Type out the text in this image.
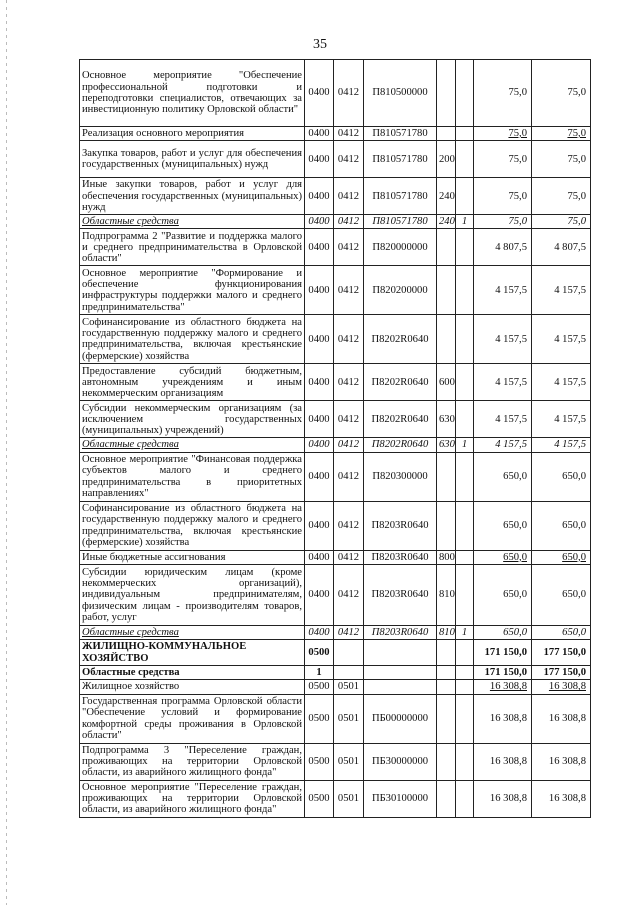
35
Основное мероприятие "Обеспечение профессиональной подготовки и переподготовки специалистов, отвечающих за инвестиционную политику Орловской области"	0400	0412	П810500000			75,0	75,0
Реализация основного мероприятия	0400	0412	П810571780			75,0	75,0
Закупка товаров, работ и услуг для обеспечения государственных (муниципальных) нужд	0400	0412	П810571780	200		75,0	75,0
Иные закупки товаров, работ и услуг для обеспечения государственных (муниципальных) нужд	0400	0412	П810571780	240		75,0	75,0
Областные средства	0400	0412	П810571780	240	1	75,0	75,0
Подпрограмма 2 "Развитие и поддержка малого и среднего предпринимательства в Орловской области"	0400	0412	П820000000			4 807,5	4 807,5
Основное мероприятие "Формирование и обеспечение функционирования инфраструктуры поддержки малого и среднего предпринимательства"	0400	0412	П820200000			4 157,5	4 157,5
Софинансирование из областного бюджета на государственную поддержку малого и среднего предпринимательства, включая крестьянские (фермерские) хозяйства	0400	0412	П8202R0640			4 157,5	4 157,5
Предоставление субсидий бюджетным, автономным учреждениям и иным некоммерческим организациям	0400	0412	П8202R0640	600		4 157,5	4 157,5
Субсидии некоммерческим организациям (за исключением государственных (муниципальных) учреждений)	0400	0412	П8202R0640	630		4 157,5	4 157,5
Областные средства	0400	0412	П8202R0640	630	1	4 157,5	4 157,5
Основное мероприятие "Финансовая поддержка субъектов малого и среднего предпринимательства в приоритетных направлениях"	0400	0412	П820300000			650,0	650,0
Софинансирование из областного бюджета на государственную поддержку малого и среднего предпринимательства, включая крестьянские (фермерские) хозяйства	0400	0412	П8203R0640			650,0	650,0
Иные бюджетные ассигнования	0400	0412	П8203R0640	800		650,0	650,0
Субсидии юридическим лицам (кроме некоммерческих организаций), индивидуальным предпринимателям, физическим лицам - производителям товаров, работ, услуг	0400	0412	П8203R0640	810		650,0	650,0
Областные средства	0400	0412	П8203R0640	810	1	650,0	650,0
ЖИЛИЩНО-КОММУНАЛЬНОЕ ХОЗЯЙСТВО	0500					171 150,0	177 150,0
Областные средства	1					171 150,0	177 150,0
Жилищное хозяйство	0500	0501				16 308,8	16 308,8
Государственная программа Орловской области "Обеспечение условий и формирование комфортной среды проживания в Орловской области"	0500	0501	ПБ00000000			16 308,8	16 308,8
Подпрограмма 3 "Переселение граждан, проживающих на территории Орловской области, из аварийного жилищного фонда"	0500	0501	ПБ30000000			16 308,8	16 308,8
Основное мероприятие "Переселение граждан, проживающих на территории Орловской области, из аварийного жилищного фонда"	0500	0501	ПБ30100000			16 308,8	16 308,8
